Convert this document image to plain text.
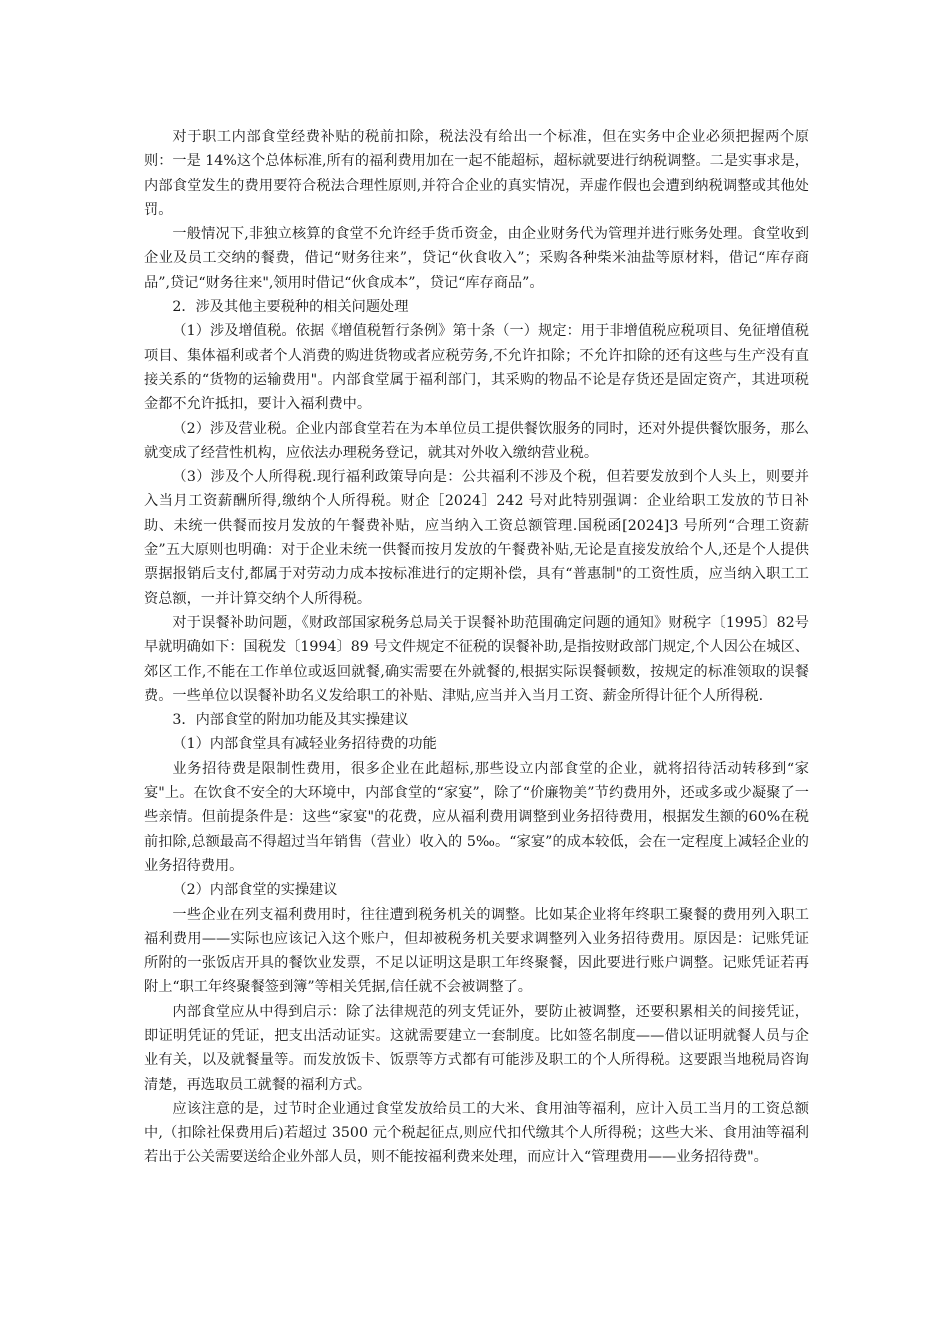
对于职工内部食堂经费补贴的税前扣除，税法没有给出一个标准，但在实务中企业必须把握两个原则：一是 14%这个总体标准,所有的福利费用加在一起不能超标，超标就要进行纳税调整。二是实事求是，内部食堂发生的费用要符合税法合理性原则,并符合企业的真实情况，弄虚作假也会遭到纳税调整或其他处罚。

一般情况下,非独立核算的食堂不允许经手货币资金，由企业财务代为管理并进行账务处理。食堂收到企业及员工交纳的餐费，借记“财务往来”，贷记“伙食收入”；采购各种柴米油盐等原材料，借记“库存商品”,贷记“财务往来",领用时借记“伙食成本”，贷记“库存商品”。

2．涉及其他主要税种的相关问题处理

（1）涉及增值税。依据《增值税暂行条例》第十条（一）规定：用于非增值税应税项目、免征增值税项目、集体福利或者个人消费的购进货物或者应税劳务,不允许扣除；不允许扣除的还有这些与生产没有直接关系的“货物的运输费用"。内部食堂属于福利部门，其采购的物品不论是存货还是固定资产，其进项税金都不允许抵扣，要计入福利费中。

（2）涉及营业税。企业内部食堂若在为本单位员工提供餐饮服务的同时，还对外提供餐饮服务，那么就变成了经营性机构，应依法办理税务登记，就其对外收入缴纳营业税。

（3）涉及个人所得税.现行福利政策导向是：公共福利不涉及个税，但若要发放到个人头上，则要并入当月工资薪酬所得,缴纳个人所得税。财企［2024］242 号对此特别强调：企业给职工发放的节日补助、未统一供餐而按月发放的午餐费补贴，应当纳入工资总额管理.国税函[2024]3 号所列“合理工资薪金”五大原则也明确：对于企业未统一供餐而按月发放的午餐费补贴,无论是直接发放给个人,还是个人提供票据报销后支付,都属于对劳动力成本按标准进行的定期补偿，具有“普惠制"的工资性质，应当纳入职工工资总额，一并计算交纳个人所得税。

对于误餐补助问题，《财政部国家税务总局关于误餐补助范围确定问题的通知》财税字〔1995〕82号早就明确如下：国税发〔1994〕89 号文件规定不征税的误餐补助,是指按财政部门规定,个人因公在城区、郊区工作,不能在工作单位或返回就餐,确实需要在外就餐的,根据实际误餐顿数，按规定的标准领取的误餐费。一些单位以误餐补助名义发给职工的补贴、津贴,应当并入当月工资、薪金所得计征个人所得税.

3．内部食堂的附加功能及其实操建议

（1）内部食堂具有减轻业务招待费的功能

业务招待费是限制性费用，很多企业在此超标,那些设立内部食堂的企业，就将招待活动转移到“家宴"上。在饮食不安全的大环境中，内部食堂的“家宴”，除了“价廉物美”节约费用外，还或多或少凝聚了一些亲情。但前提条件是：这些“家宴"的花费，应从福利费用调整到业务招待费用，根据发生额的60%在税前扣除,总额最高不得超过当年销售（营业）收入的 5‰。“家宴”的成本较低，会在一定程度上减轻企业的业务招待费用。

（2）内部食堂的实操建议

一些企业在列支福利费用时，往往遭到税务机关的调整。比如某企业将年终职工聚餐的费用列入职工福利费用——实际也应该记入这个账户，但却被税务机关要求调整列入业务招待费用。原因是：记账凭证所附的一张饭店开具的餐饮业发票，不足以证明这是职工年终聚餐，因此要进行账户调整。记账凭证若再附上“职工年终聚餐签到簿”等相关凭据,信任就不会被调整了。

内部食堂应从中得到启示：除了法律规范的列支凭证外，要防止被调整，还要积累相关的间接凭证，即证明凭证的凭证，把支出活动证实。这就需要建立一套制度。比如签名制度——借以证明就餐人员与企业有关，以及就餐量等。而发放饭卡、饭票等方式都有可能涉及职工的个人所得税。这要跟当地税局咨询清楚，再选取员工就餐的福利方式。

应该注意的是，过节时企业通过食堂发放给员工的大米、食用油等福利，应计入员工当月的工资总额中,（扣除社保费用后)若超过 3500 元个税起征点,则应代扣代缴其个人所得税；这些大米、食用油等福利若出于公关需要送给企业外部人员，则不能按福利费来处理，而应计入“管理费用——业务招待费"。
